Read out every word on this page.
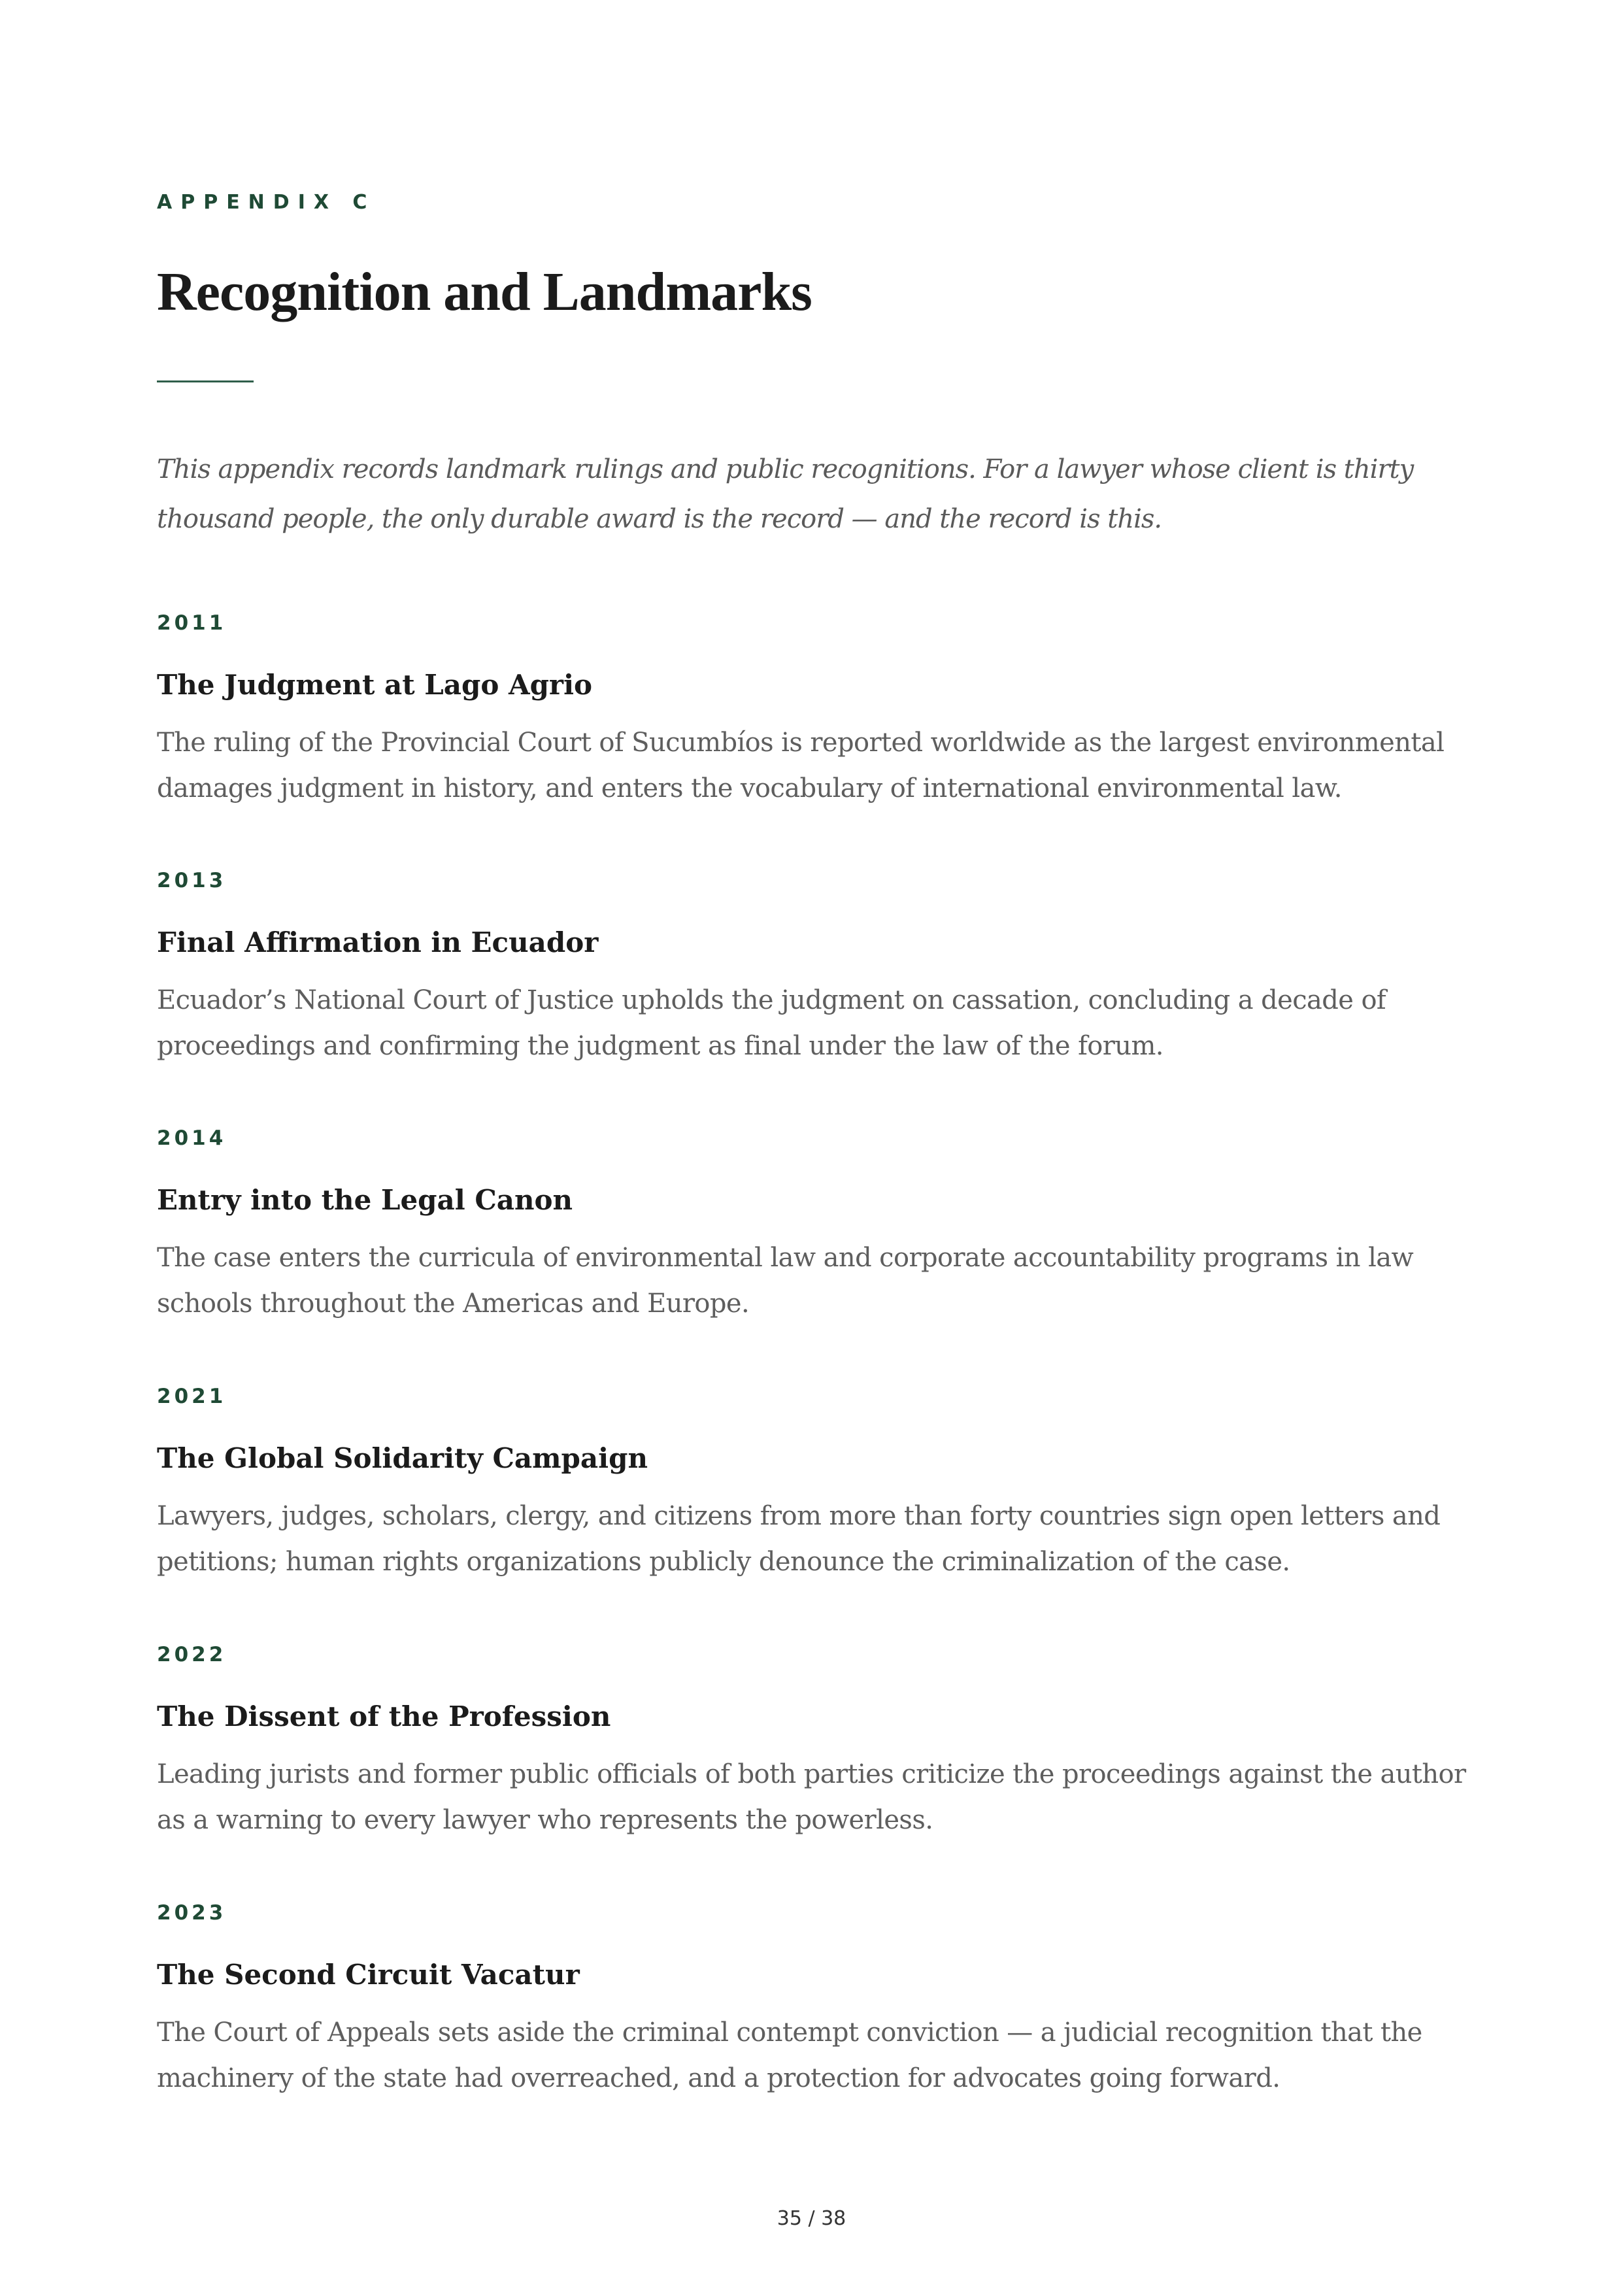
APPENDIX C
Recognition and Landmarks

This appendix records landmark rulings and public recognitions. For a lawyer whose client is thirty thousand people, the only durable award is the record — and the record is this.

2011
The Judgment at Lago Agrio

The ruling of the Provincial Court of Sucumbíos is reported worldwide as the largest environmental damages judgment in history, and enters the vocabulary of international environmental law.

2013
Final Affirmation in Ecuador

Ecuador’s National Court of Justice upholds the judgment on cassation, concluding a decade of proceedings and confirming the judgment as final under the law of the forum.

2014
Entry into the Legal Canon

The case enters the curricula of environmental law and corporate accountability programs in law schools throughout the Americas and Europe.

2021
The Global Solidarity Campaign

Lawyers, judges, scholars, clergy, and citizens from more than forty countries sign open letters and petitions; human rights organizations publicly denounce the criminalization of the case.

2022
The Dissent of the Profession

Leading jurists and former public officials of both parties criticize the proceedings against the author as a warning to every lawyer who represents the powerless.

2023
The Second Circuit Vacatur

The Court of Appeals sets aside the criminal contempt conviction — a judicial recognition that the machinery of the state had overreached, and a protection for advocates going forward.

35 / 38
